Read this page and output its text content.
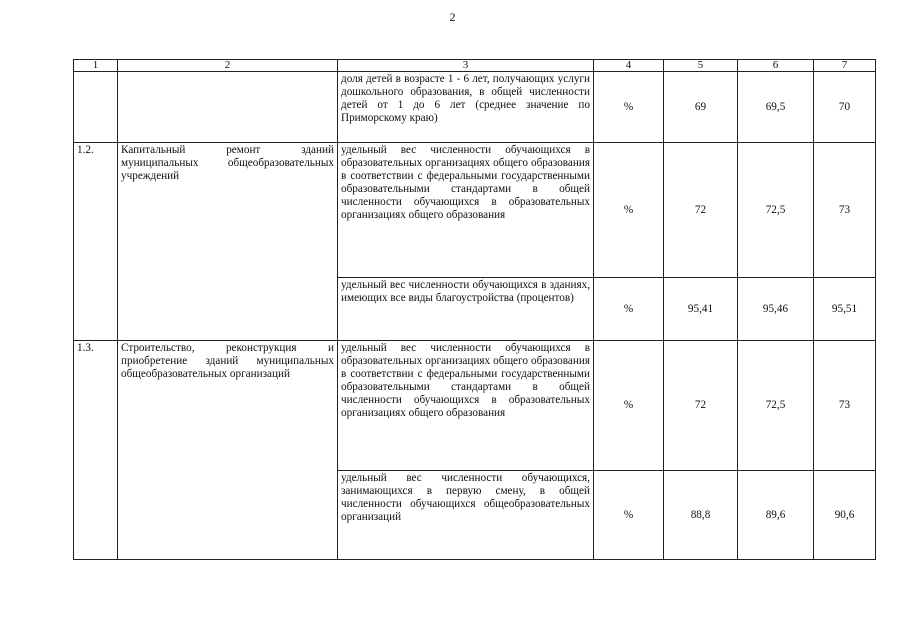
2
1	2	3	4	5	6	7
		доля детей в возрасте 1 - 6 лет, получающих услуги дошкольного образования, в общей численности детей от 1 до 6 лет (среднее значение по Приморскому краю)	%	69	69,5	70
1.2.	Капитальный ремонт зданий муниципальных общеобразовательных учреждений	удельный вес численности обучающихся в образовательных организациях общего образования в соответствии с федеральными государственными образовательными стандартами в общей численности обучающихся в образовательных организациях общего образования	%	72	72,5	73
		удельный вес численности обучающихся в зданиях, имеющих все виды благоустройства (процентов)	%	95,41	95,46	95,51
1.3.	Строительство, реконструкция и приобретение зданий муниципальных общеобразовательных организаций	удельный вес численности обучающихся в образовательных организациях общего образования в соответствии с федеральными государственными образовательными стандартами в общей численности обучающихся в образовательных организациях общего образования	%	72	72,5	73
		удельный вес численности обучающихся, занимающихся в первую смену, в общей численности обучающихся общеобразовательных организаций	%	88,8	89,6	90,6
